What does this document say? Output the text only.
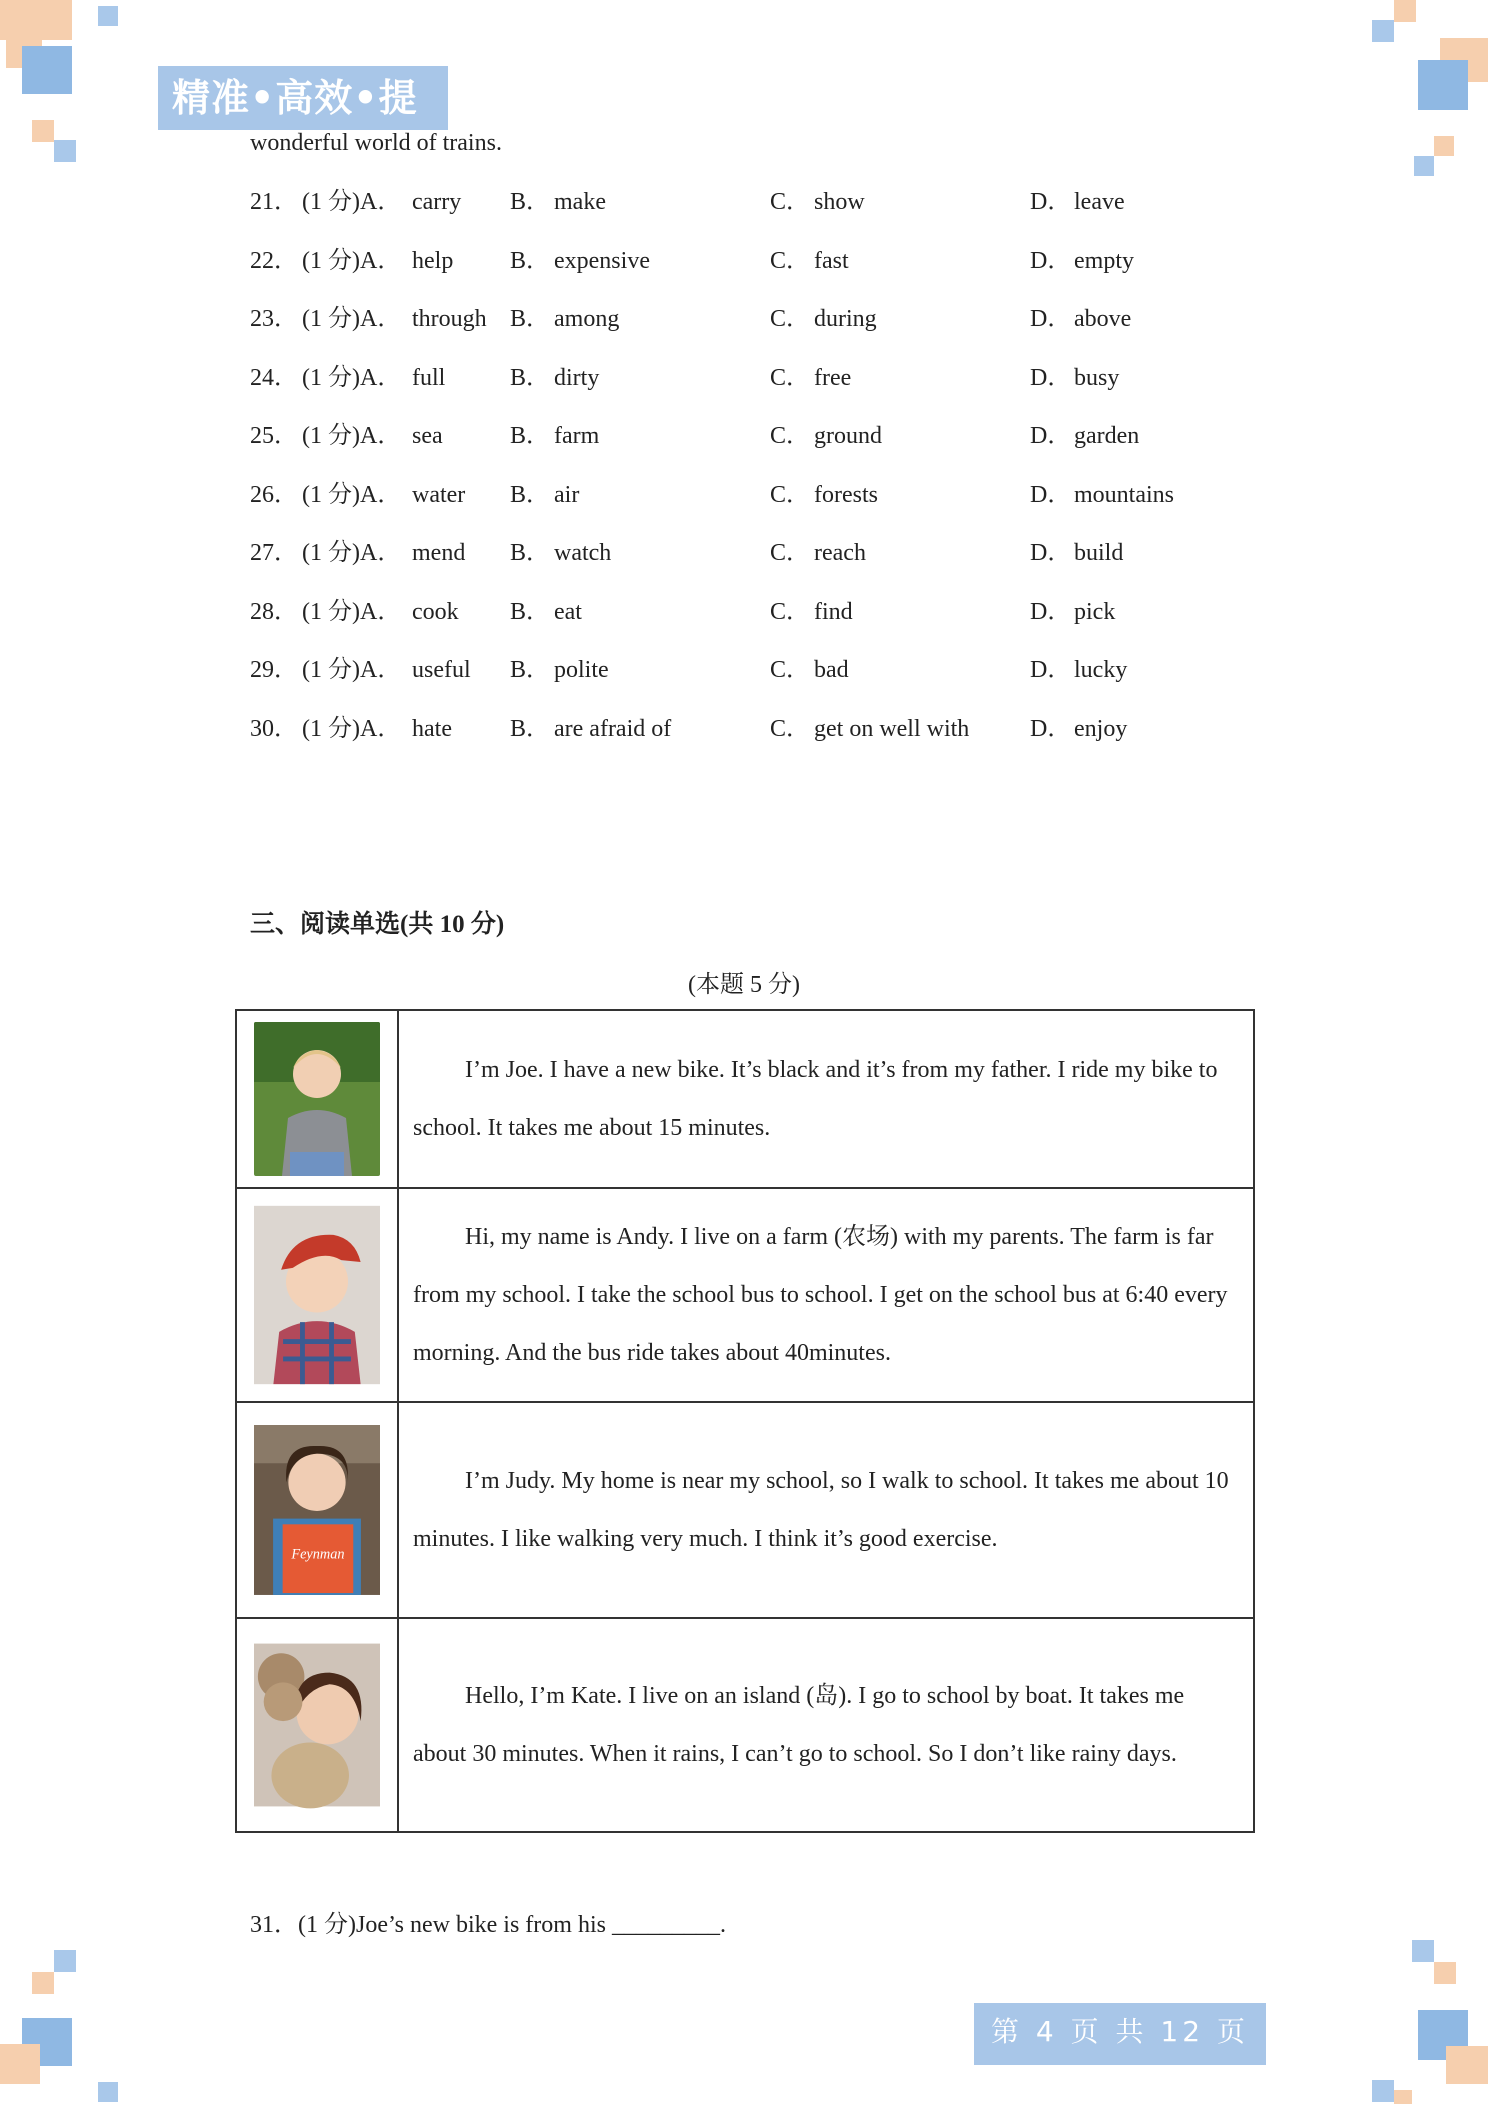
精准•高效•提升	wonderful world of trains.
21． (1 分)A． carry B． make	C． show	D． leave
22． (1 分)A． help B． expensive	C． fast	D． empty
23． (1 分)A． through B． among	C． during	D． above
24． (1 分)A． full	B． dirty	C． free	D． busy
25． (1 分)A． sea	B． farm	C． ground	D． garden
26． (1 分)A． water B． air	C． forests	D． mountains
27． (1 分)A． mend B． watch	C． reach	D． build
28． (1 分)A． cook B． eat	C． find	D． pick
29． (1 分)A． useful B． polite	C． bad	D． lucky
30． (1 分)A． hate B． are afraid of	C． get on well with	D． enjoy
三、阅读单选(共 10 分)
(本题 5 分)
	I’m Joe. I have a new bike. It’s black and it’s from my father. I ride my bike to school. It takes me about 15 minutes.

	Hi, my name is Andy. I live on a farm (农场) with my parents. The farm is far from my school. I take the school bus to school. I get on the school bus at 6:40 every morning. And the bus ride takes about 40minutes.

Feynman	I’m Judy. My home is near my school, so I walk to school. It takes me about 10 minutes. I like walking very much. I think it’s good exercise.

	Hello, I’m Kate. I live on an island (岛). I go to school by boat. It takes me about 30 minutes. When it rains, I can’t go to school. So I don’t like rainy days.
31．(1 分)Joe’s new bike is from his _________.
第 4 页 共 12 页
